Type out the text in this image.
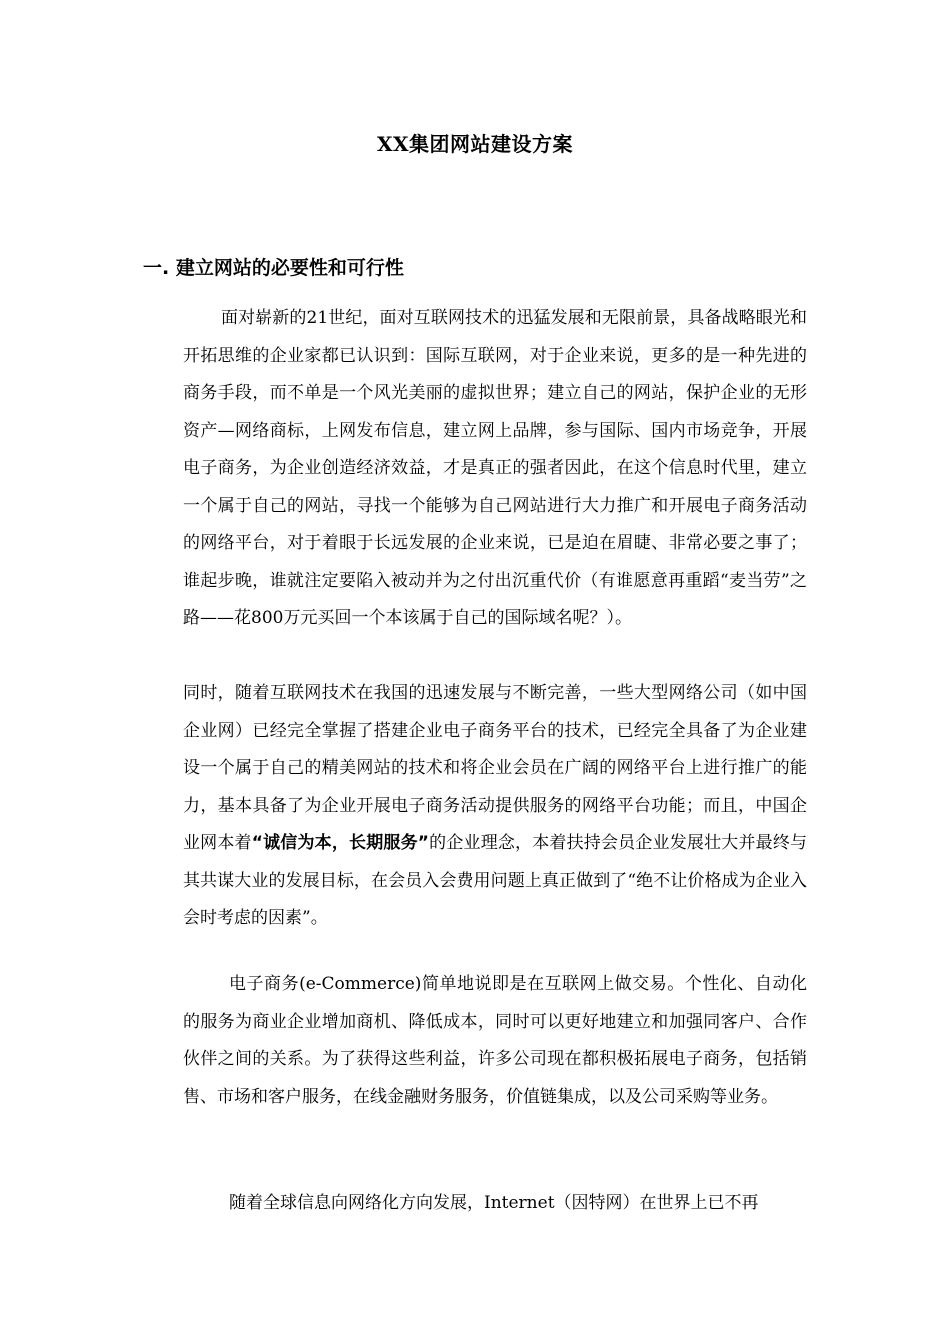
XX集团网站建设方案
一. 建立网站的必要性和可行性

面对崭新的21世纪，面对互联网技术的迅猛发展和无限前景，具备战略眼光和开拓思维的企业家都已认识到：国际互联网，对于企业来说，更多的是一种先进的商务手段，而不单是一个风光美丽的虚拟世界；建立自己的网站，保护企业的无形资产—网络商标，上网发布信息，建立网上品牌，参与国际、国内市场竞争，开展电子商务，为企业创造经济效益，才是真正的强者因此，在这个信息时代里，建立一个属于自己的网站，寻找一个能够为自己网站进行大力推广和开展电子商务活动的网络平台，对于着眼于长远发展的企业来说，已是迫在眉睫、非常必要之事了；谁起步晚，谁就注定要陷入被动并为之付出沉重代价（有谁愿意再重蹈“麦当劳”之路——花800万元买回一个本该属于自己的国际域名呢？）。

同时，随着互联网技术在我国的迅速发展与不断完善，一些大型网络公司（如中国企业网）已经完全掌握了搭建企业电子商务平台的技术，已经完全具备了为企业建设一个属于自己的精美网站的技术和将企业会员在广阔的网络平台上进行推广的能力，基本具备了为企业开展电子商务活动提供服务的网络平台功能；而且，中国企业网本着“诚信为本，长期服务”的企业理念，本着扶持会员企业发展壮大并最终与其共谋大业的发展目标，在会员入会费用问题上真正做到了“绝不让价格成为企业入会时考虑的因素”。

电子商务(e-Commerce)简单地说即是在互联网上做交易。个性化、自动化的服务为商业企业增加商机、降低成本，同时可以更好地建立和加强同客户、合作伙伴之间的关系。为了获得这些利益，许多公司现在都积极拓展电子商务，包括销售、市场和客户服务，在线金融财务服务，价值链集成，以及公司采购等业务。

随着全球信息向网络化方向发展，Internet（因特网）在世界上已不再
